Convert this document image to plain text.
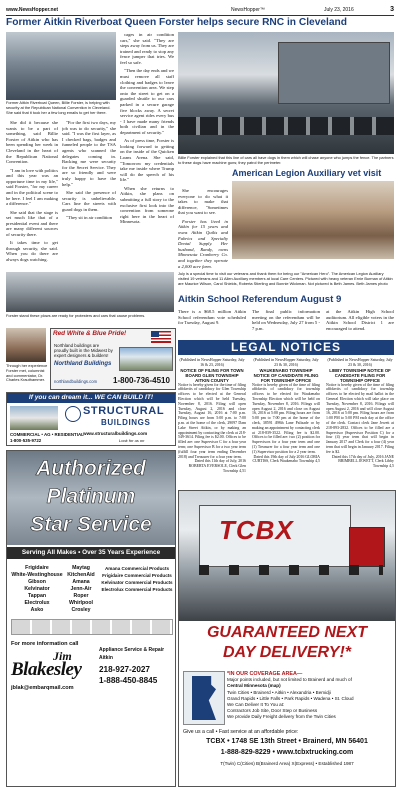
www.NewsHopper.net	NewsHopper™	July 23, 2016	3
Former Aitkin Riverboat Queen Forster helps secure RNC in Cleveland
Former Aitkin Riverboat Queen, Billie Forster, is helping with security at the Republican National Convention in Cleveland. She said that it took her a few long emails to get her there.

She did it because she wants to be a part of something, said Billie Forster of Aitkin who has been spending her week in Cleveland in the heart of the Republican National Convention.

"I am in love with politics and this year was an opportune time in my life," said Forster, "for my career and in the political scene to be here. I feel I am making a difference."

She said that the stage is set much like that of a presidential event and there are many different sources of security there.

It takes time to get through security, she said. When you do there are always dogs watching.

"For the first two days, my job was to do security," she said. "I was the first layer, as I checked bags, badges and funneled people to the TSA agents who scanned the delegates coming in. Backing me were security for the Secret Service. They are so friendly and were truly happy to have the help."

She said the presence of security is unbelievable. Cars line the streets with guard dogs in them.

"They sit in air condition

cages in air condition cars," she said. "They are steps away from us. They are trained and ready to stop any fence jumper that tries. We feel so safe.

"Then the day ends and we must remove all staff clothing and badges to leave the convention area. We step onto the street to get on a guarded shuttle to our cars parked in a secure garage five blocks away. A secret service agent rides every bus - I have made many friends both civilian and in the department of security."

As of press time, Forster is looking forward to getting on the inside of the Quicken Loans Arena. She said, "Tomorrow my credentials take me inside where Trump will do the speech of his life."

When she returns to Aitkin, she plans on submitting a full story to the exclusive first look into the convention from someone right here in the heart of Minnesota.

She encourages everyone to do what it takes to make that difference, "Sometimes that you want to see.

Forster has lived in Aitkin for 15 years and owns Aitkin Quilts and Fabrics and Specialty Dental Supply. Her husband, Randy, owns Minnesota Cranberry Co. and together they operate a 2,000 acre farm.

Billie Forster explained that this line of cars all have dogs in them which will chase anyone who jumps the fence. The partners to these dogs have machine guns; they patrol the perimeter.
American Legion Auxiliary vet visit
July is a special time to visit our veterans and thank them for being our "American Hero". The American Legion Auxiliary visited 19 veterans and 11 Allen Auxiliary members at local Care Centers. Pictured with heavy veteran Ernie Burman of Aitkin are Maurice Wilson, Carol Shields, Roberta Stierling and Bonnie Wickman. Not pictured is Beth James. Beth James photo
Aitkin School Referendum August 9
There is a $68.5 million Aitkin School referendum vote scheduled for Tuesday, August 9.
The final public information meeting on the referendum will be held on Wednesday, July 27 from 5 - 7 p.m.
at the Aitkin High School auditorium. All eligible voters in the Aitkin School District 1 are encouraged to attend.
Forster stand these plows are ready for protesters and cars that cause problems.
Through her experience Forster met, columnist and commentator, Dr. Charles Krauthammer.
Red White & Blue Pride!
Northland buildings are
proudly built in the Midwest by
expert designers & builders!
Northland Buildings
northlandbuildings.com 1-800-736-4510
If you can dream it... WE CAN BUILD IT!
STRUCTURAL
BUILDINGS
COMMERCIAL • AG • RESIDENTIAL
1-800-535-9722
www.structuralbuildings.com
Look for us on
LEGAL NOTICES
(Published in NewsHopper Saturday, July 16 & 23, 2016)
NOTICE OF FILING FOR TOWN BOARD GLEN TOWNSHIP AITKIN COUNTY
Notice is hereby given for the time of filing affidavits of candidacy for Glen Township officers to be elected at the General Election which will be held Tuesday, November 8, 2016. Filing will open Tuesday, August 2, 2016 and close Tuesday, August 16, 2016 at 7:00 p.m. Filing hours are from 5:00 p.m. to 7:00 p.m. at the home of the clerk, 29097 Dam Lake Street Aitkin, or by making an appointment by contacting the clerk at 218-549-3614. Filing fee is $2.00. Offices to be filled are: one Supervisor C for a four year term; one Supervisor B for a two year term (fulfill four year term ending December 2018) and Treasurer for a four year term.
Dated this 11th day of July, 2016 ROBERTA EVERSOLE, Clerk Glen Township 4,51
(Published in NewsHopper Saturday, July 23 & 30, 2016)
WAUKENABO TOWNSHIP NOTICE OF CANDIDATE FILING FOR TOWNSHIP OFFICE
Notice is hereby given of the time of filing affidavits of candidacy for township officers to be elected for Waukenabo Township Election which will be held on Tuesday, November 8, 2016. Filings will open August 2, 2016 and close on August 16, 2016 at 5:00 pm. Filing hours are from 5:00 pm to 7:00 pm at the home of the clerk, 38591 498th Lane Palisade or by making an appointment by contacting clerk at 218-839-3522. Filing fee is $2.00. Offices to be filled are: two (2) position for Supervisors for a four year term and one (1) Treasurer for a four year term and one (1) Supervisor position for a 2 year term.
Dated this 19th day of July 2016 GLORIA CURTISS, Clerk Waukenabo Township 4,5
(Published in NewsHopper Saturday, July 23 & 30, 2016)
LIBBY TOWNSHIP NOTICE OF CANDIDATE FILING FOR TOWNSHIP OFFICE
Notice is hereby given of the time of filing affidavits of candidacy for township officers to be elected by mail ballot in the General Election which will take place on Tuesday, November 8, 2016. Filings will open August 2, 2016 and will close August 16, 2016 at 5:00 pm. Filing hours are from 1:00 PM to 5:00 PM each day at the office of the clerk. Contact clerk Jane Jewett at 218-893-2832. Offices to be filled are a Supervisor (Supervisor Position C) for a four (4) year term that will begin in January 2017 and Clerk for a four (4) year term that will begin in January 2017. Filing fee is $2.
Dated this 17th day of July, 2016 JANE BRIMBELL JEWETT, Clerk Libby Township 4,5
Authorized
Platinum
Star Service
Serving All Makes • Over 35 Years Experience
Frigidaire
White-Westinghouse
Gibson
Kelvinator
Tappan
Electrolux
Asko
Maytag
KitchenAid
Amana
Jenn-Air
Roper
Whirlpool
Crosley
Amana Commercial Products
Frigidaire Commercial Products
Kelvinator Commercial Products
Electrolux Commercial Products
For more information call
Jim
Blakesley
Appliance Service & Repair
Aitkin
218-927-2027
1-888-450-8845
jblak@embarqmail.com
TCBX
GUARANTEED NEXT
DAY DELIVERY!*
*IN OUR COVERAGE AREA—
Major points included, but not limited to Brainerd and much of
Central Minnesota (map)
Twin Cities • Brainerd • Aitkin • Alexandria • Bemidji
Grand Rapids • Little Falls • Park Rapids • Wadena • St. Cloud
We Can Deliver It To You at:
Contractors Job Site, Door Step or Business
We provide Daily Freight delivery from the Twin Cities
Give us a call • Fast service at an affordable price:
TCBX • 1748 SE 13th Street • Brainerd, MN 56401
1-888-829-8229 • www.tcbxtrucking.com
T(Twin) C(Cities) B(Brainerd Area) X(Express) • Established 1987
